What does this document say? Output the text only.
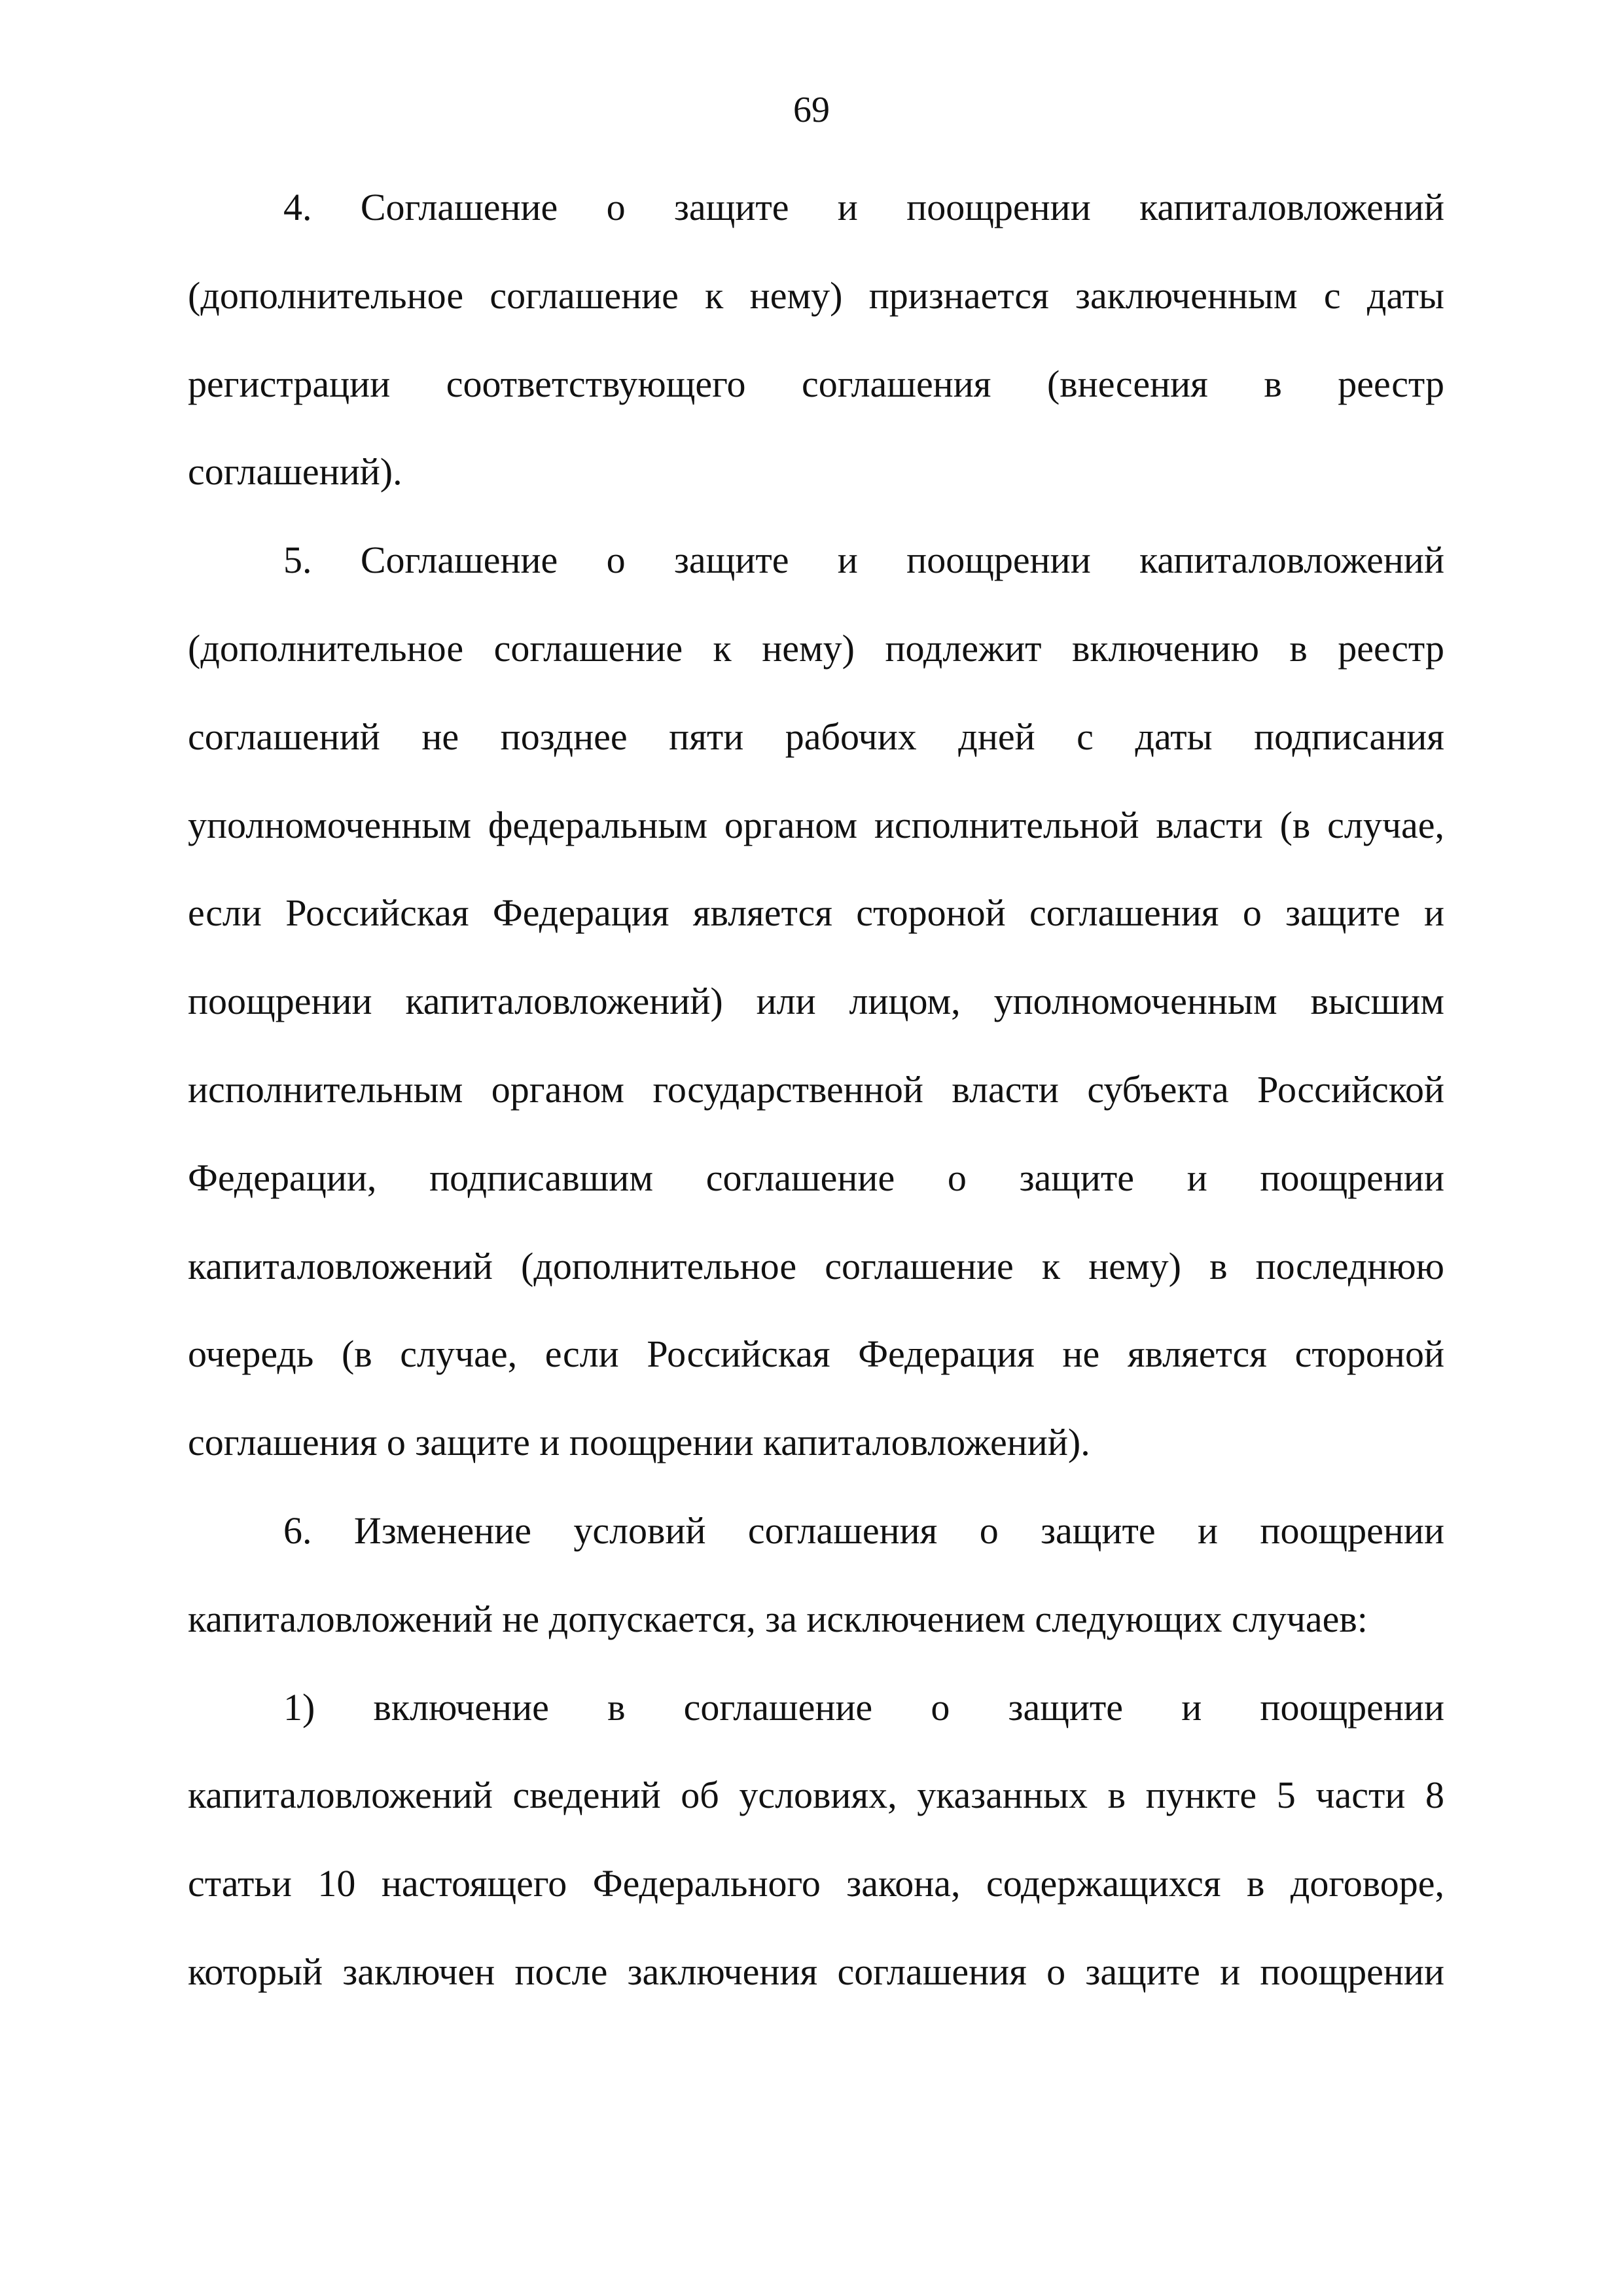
69

4. Соглашение о защите и поощрении капиталовложений
(дополнительное соглашение к нему) признается заключенным с даты
регистрации соответствующего соглашения (внесения в реестр
соглашений).

5. Соглашение о защите и поощрении капиталовложений
(дополнительное соглашение к нему) подлежит включению в реестр
соглашений не позднее пяти рабочих дней с даты подписания
уполномоченным федеральным органом исполнительной власти (в случае,
если Российская Федерация является стороной соглашения о защите и
поощрении капиталовложений) или лицом, уполномоченным высшим
исполнительным органом государственной власти субъекта Российской
Федерации, подписавшим соглашение о защите и поощрении
капиталовложений (дополнительное соглашение к нему) в последнюю
очередь (в случае, если Российская Федерация не является стороной
соглашения о защите и поощрении капиталовложений).

6. Изменение условий соглашения о защите и поощрении
капиталовложений не допускается, за исключением следующих случаев:

1) включение в соглашение о защите и поощрении
капиталовложений сведений об условиях, указанных в пункте 5 части 8
статьи 10 настоящего Федерального закона, содержащихся в договоре,
который заключен после заключения соглашения о защите и поощрении
